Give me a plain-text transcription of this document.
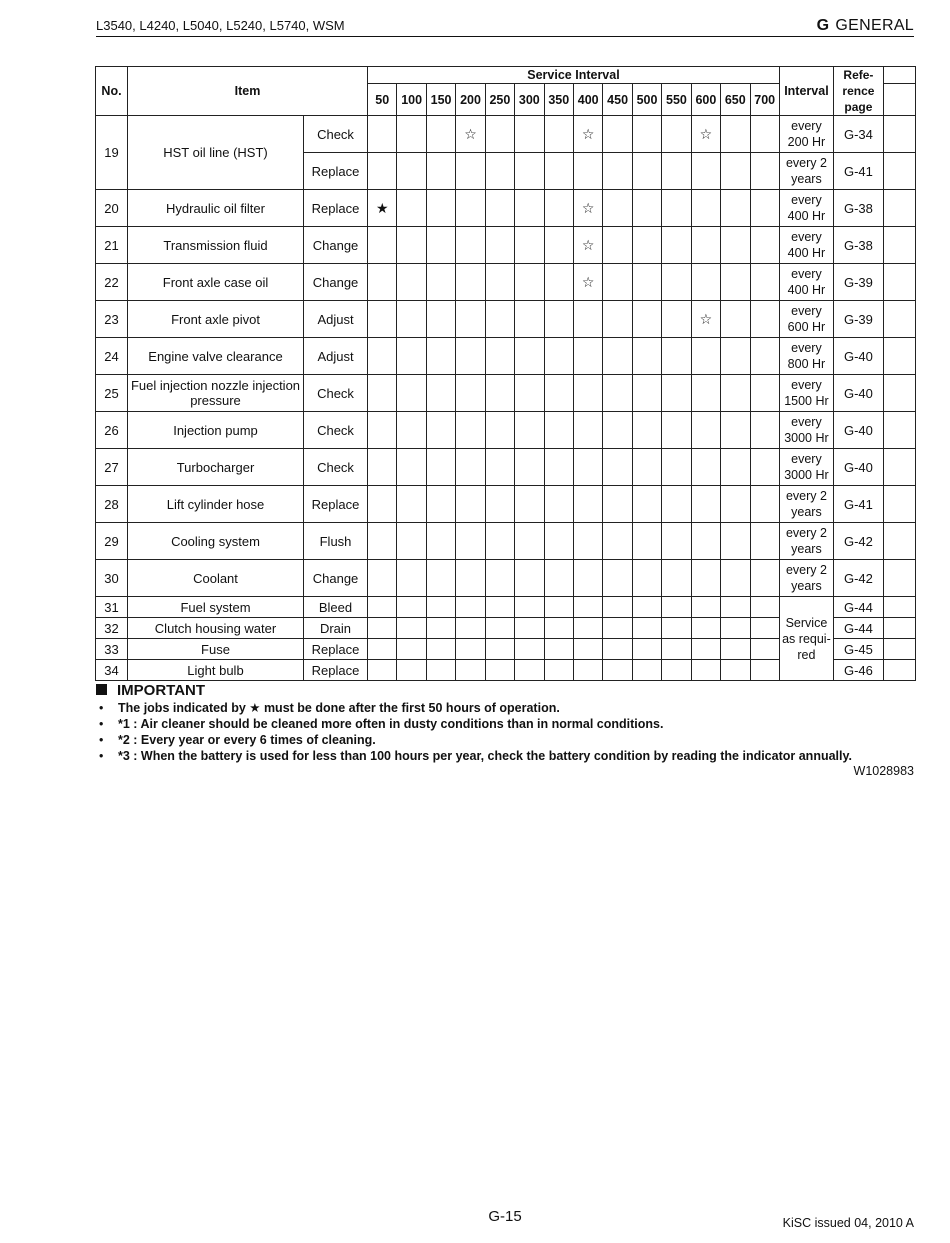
L3540, L4240, L5040, L5240, L5740, WSM	G GENERAL
No.	Item		Service Interval														Interval	Refe-
rence
page	
			50	100	150	200	250	300	350	400	450	500	550	600	650	700			
19	HST oil line (HST)	Check				☆				☆				☆			every 200 Hr	G-34	
		Replace															every 2 years	G-41	
20	Hydraulic oil filter	Replace	★							☆							every 400 Hr	G-38	
21	Transmission fluid	Change								☆							every 400 Hr	G-38	
22	Front axle case oil	Change								☆							every 400 Hr	G-39	
23	Front axle pivot	Adjust												☆			every 600 Hr	G-39	
24	Engine valve clearance	Adjust															every 800 Hr	G-40	
25	Fuel injection nozzle injection pressure	Check															every 1500 Hr	G-40	
26	Injection pump	Check															every 3000 Hr	G-40	
27	Turbocharger	Check															every 3000 Hr	G-40	
28	Lift cylinder hose	Replace															every 2 years	G-41	
29	Cooling system	Flush															every 2 years	G-42	
30	Coolant	Change															every 2 years	G-42	
31	Fuel system	Bleed															Service as requi-red	G-44	
32	Clutch housing water	Drain																G-44	
33	Fuse	Replace																G-45	
34	Light bulb	Replace																G-46	
IMPORTANT
• The jobs indicated by ★ must be done after the first 50 hours of operation.
• *1 : Air cleaner should be cleaned more often in dusty conditions than in normal conditions.
• *2 : Every year or every 6 times of cleaning.
• *3 : When the battery is used for less than 100 hours per year, check the battery condition by reading the indicator annually.
W1028983
G-15	KiSC issued 04, 2010 A
